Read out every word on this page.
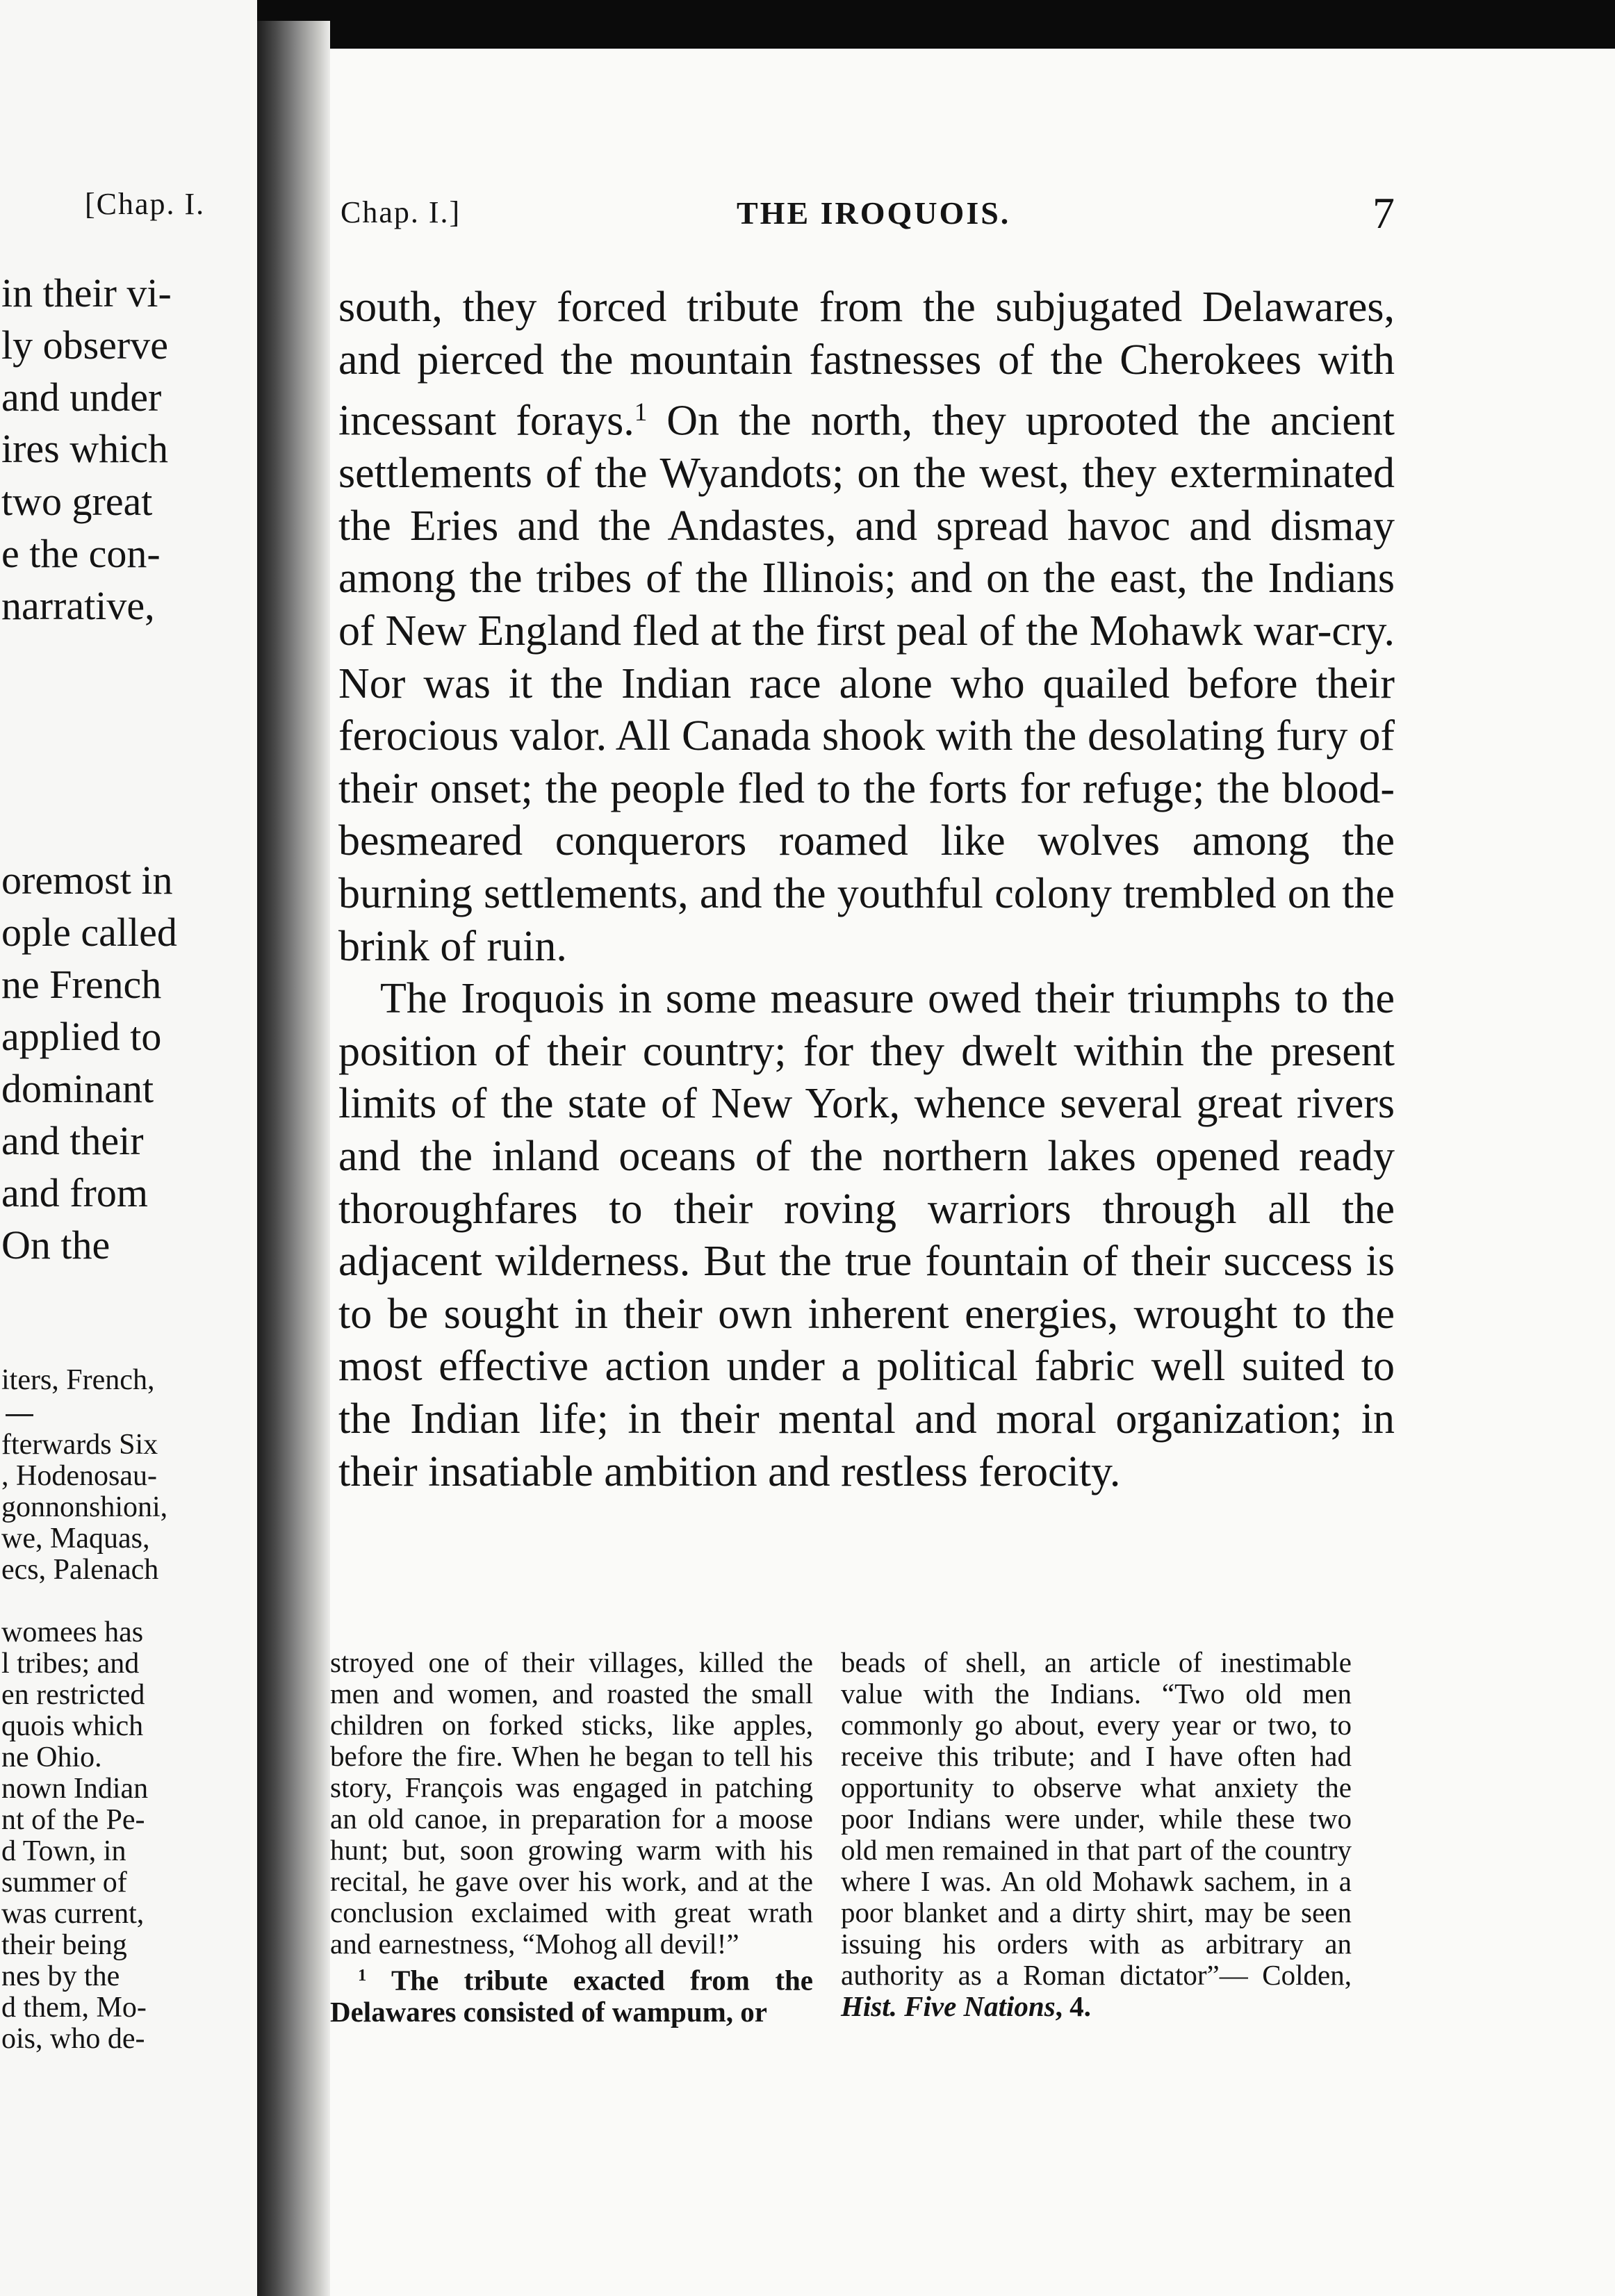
[Chap. I.
in their vi-
ly observe
and under
ires which
two great
e the con-
narrative,
oremost in
ople called
ne French
applied to
dominant
and their
and from
On the
iters, French,
fterwards Six
, Hodenosau-
gonnonshioni,
we, Maquas,
ecs, Palenach
womees has
l tribes; and
en restricted
quois which
ne Ohio.
nown Indian
nt of the Pe-
d Town, in
summer of
was current,
their being
nes by the
d them, Mo-
ois, who de-
Chap. I.]	THE IROQUOIS.	7

south, they forced tribute from the subjugated Delawares, and pierced the mountain fastnesses of the Cherokees with incessant forays.$^1$ On the north, they uprooted the ancient settlements of the Wyandots; on the west, they exterminated the Eries and the Andastes, and spread havoc and dismay among the tribes of the Illinois; and on the east, the Indians of New England fled at the first peal of the Mohawk war-cry. Nor was it the Indian race alone who quailed before their ferocious valor. All Canada shook with the desolating fury of their onset; the people fled to the forts for refuge; the blood-besmeared conquerors roamed like wolves among the burning settlements, and the youthful colony trembled on the brink of ruin.

The Iroquois in some measure owed their triumphs to the position of their country; for they dwelt within the present limits of the state of New York, whence several great rivers and the inland oceans of the northern lakes opened ready thoroughfares to their roving warriors through all the adjacent wilderness. But the true fountain of their success is to be sought in their own inherent energies, wrought to the most effective action under a political fabric well suited to the Indian life; in their mental and moral organization; in their insatiable ambition and restless ferocity.

stroyed one of their villages, killed the men and women, and roasted the small children on forked sticks, like apples, before the fire. When he began to tell his story, François was engaged in patching an old canoe, in preparation for a moose hunt; but, soon growing warm with his recital, he gave over his work, and at the conclusion exclaimed with great wrath and earnestness, “Mohog all devil!”

$^1$ The tribute exacted from the Delawares consisted of wampum, or

beads of shell, an article of inestimable value with the Indians. “Two old men commonly go about, every year or two, to receive this tribute; and I have often had opportunity to observe what anxiety the poor Indians were under, while these two old men remained in that part of the country where I was. An old Mohawk sachem, in a poor blanket and a dirty shirt, may be seen issuing his orders with as arbitrary an authority as a Roman dictator”— Colden, Hist. Five Nations, 4.
